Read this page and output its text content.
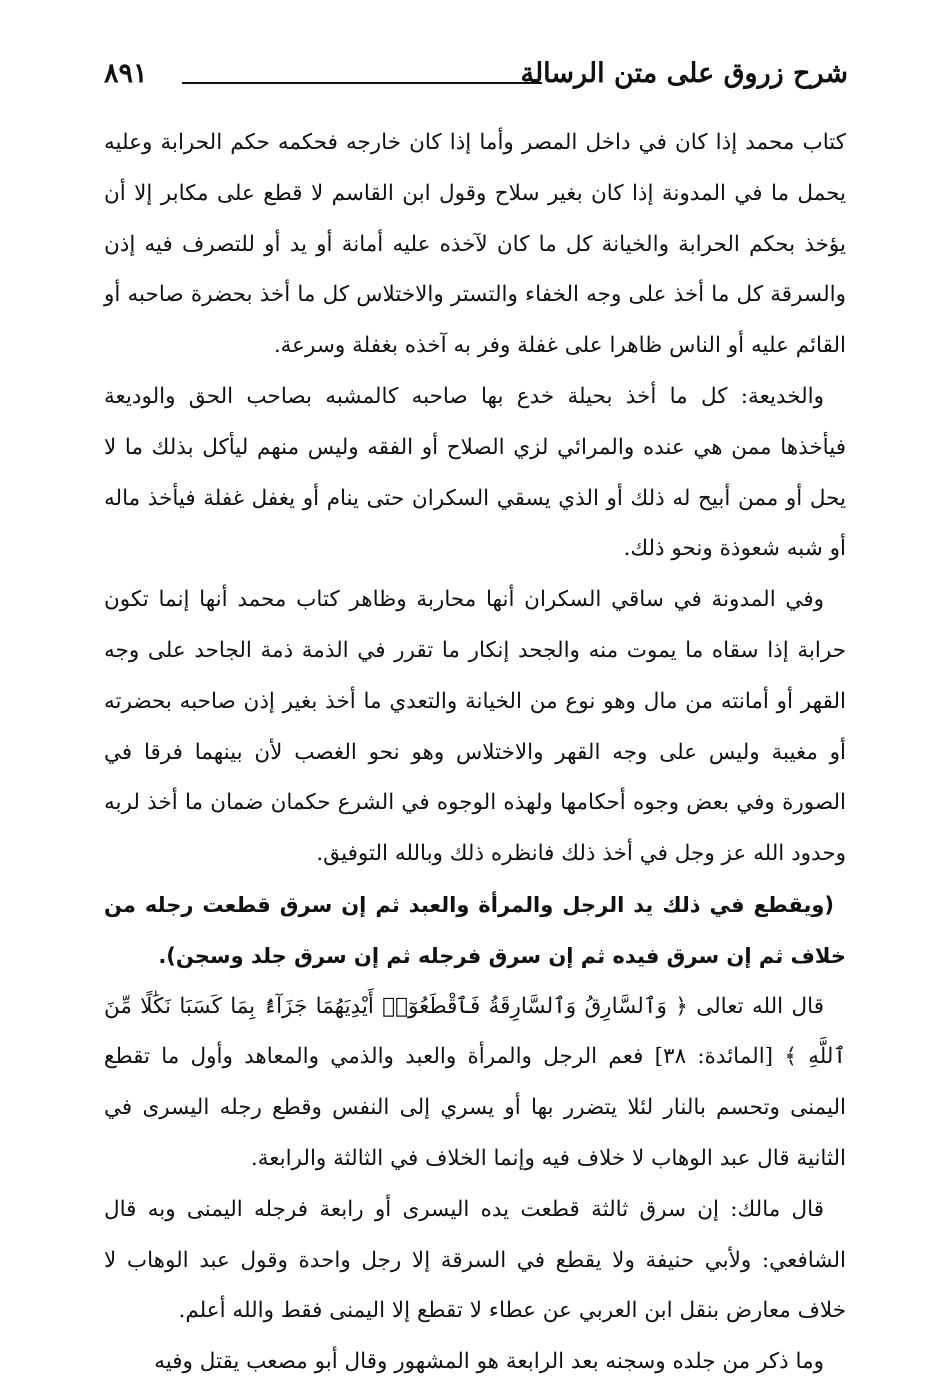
شرح زروق على متن الرسالة
٨٩١

كتاب محمد إذا كان في داخل المصر وأما إذا كان خارجه فحكمه حكم الحرابة وعليه يحمل ما في المدونة إذا كان بغير سلاح وقول ابن القاسم لا قطع على مكابر إلا أن يؤخذ بحكم الحرابة والخيانة كل ما كان لآخذه عليه أمانة أو يد أو للتصرف فيه إذن والسرقة كل ما أخذ على وجه الخفاء والتستر والاختلاس كل ما أخذ بحضرة صاحبه أو القائم عليه أو الناس ظاهرا على غفلة وفر به آخذه بغفلة وسرعة.

والخديعة: كل ما أخذ بحيلة خدع بها صاحبه كالمشبه بصاحب الحق والوديعة فيأخذها ممن هي عنده والمرائي لزي الصلاح أو الفقه وليس منهم ليأكل بذلك ما لا يحل أو ممن أبيح له ذلك أو الذي يسقي السكران حتى ينام أو يغفل غفلة فيأخذ ماله أو شبه شعوذة ونحو ذلك.

وفي المدونة في ساقي السكران أنها محاربة وظاهر كتاب محمد أنها إنما تكون حرابة إذا سقاه ما يموت منه والجحد إنكار ما تقرر في الذمة ذمة الجاحد على وجه القهر أو أمانته من مال وهو نوع من الخيانة والتعدي ما أخذ بغير إذن صاحبه بحضرته أو مغيبة وليس على وجه القهر والاختلاس وهو نحو الغصب لأن بينهما فرقا في الصورة وفي بعض وجوه أحكامها ولهذه الوجوه في الشرع حكمان ضمان ما أخذ لربه وحدود الله عز وجل في أخذ ذلك فانظره ذلك وبالله التوفيق.

(ويقطع في ذلك يد الرجل والمرأة والعبد ثم إن سرق قطعت رجله من خلاف ثم إن سرق فيده ثم إن سرق فرجله ثم إن سرق جلد وسجن).

قال الله تعالى ﴿ وَٱلسَّارِقُ وَٱلسَّارِقَةُ فَٱقْطَعُوٓا۟ أَيْدِيَهُمَا جَزَآءًۢ بِمَا كَسَبَا نَكَٰلًا مِّنَ ٱللَّهِ ﴾ [المائدة: ٣٨] فعم الرجل والمرأة والعبد والذمي والمعاهد وأول ما تقطع اليمنى وتحسم بالنار لئلا يتضرر بها أو يسري إلى النفس وقطع رجله اليسرى في الثانية قال عبد الوهاب لا خلاف فيه وإنما الخلاف في الثالثة والرابعة.

قال مالك: إن سرق ثالثة قطعت يده اليسرى أو رابعة فرجله اليمنى وبه قال الشافعي: ولأبي حنيفة ولا يقطع في السرقة إلا رجل واحدة وقول عبد الوهاب لا خلاف معارض بنقل ابن العربي عن عطاء لا تقطع إلا اليمنى فقط والله أعلم.

وما ذكر من جلده وسجنه بعد الرابعة هو المشهور وقال أبو مصعب يقتل وفيه
